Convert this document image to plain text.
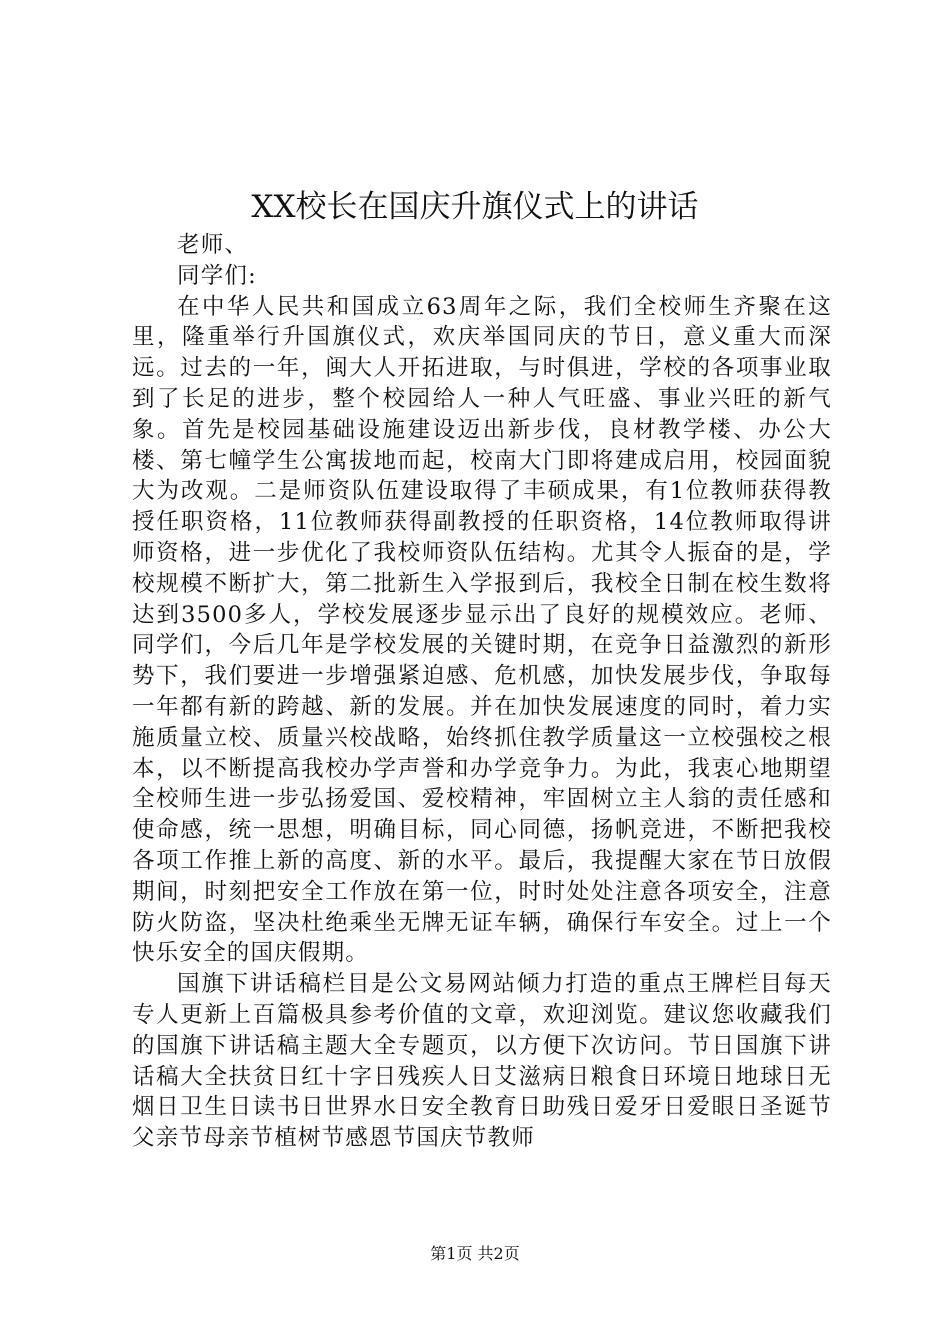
XX校长在国庆升旗仪式上的讲话

老师、

同学们:

在中华人民共和国成立63周年之际，我们全校师生齐聚在这里，隆重举行升国旗仪式，欢庆举国同庆的节日，意义重大而深远。过去的一年，闽大人开拓进取，与时俱进，学校的各项事业取到了长足的进步，整个校园给人一种人气旺盛、事业兴旺的新气象。首先是校园基础设施建设迈出新步伐，良材教学楼、办公大楼、第七幢学生公寓拔地而起，校南大门即将建成启用，校园面貌大为改观。二是师资队伍建设取得了丰硕成果，有1位教师获得教授任职资格，11位教师获得副教授的任职资格，14位教师取得讲师资格，进一步优化了我校师资队伍结构。尤其令人振奋的是，学校规模不断扩大，第二批新生入学报到后，我校全日制在校生数将达到3500多人，学校发展逐步显示出了良好的规模效应。老师、同学们，今后几年是学校发展的关键时期，在竞争日益激烈的新形势下，我们要进一步增强紧迫感、危机感，加快发展步伐，争取每一年都有新的跨越、新的发展。并在加快发展速度的同时，着力实施质量立校、质量兴校战略，始终抓住教学质量这一立校强校之根本，以不断提高我校办学声誉和办学竞争力。为此，我衷心地期望全校师生进一步弘扬爱国、爱校精神，牢固树立主人翁的责任感和使命感，统一思想，明确目标，同心同德，扬帆竞进，不断把我校各项工作推上新的高度、新的水平。最后，我提醒大家在节日放假期间，时刻把安全工作放在第一位，时时处处注意各项安全，注意防火防盗，坚决杜绝乘坐无牌无证车辆，确保行车安全。过上一个快乐安全的国庆假期。

国旗下讲话稿栏目是公文易网站倾力打造的重点王牌栏目每天专人更新上百篇极具参考价值的文章，欢迎浏览。建议您收藏我们的国旗下讲话稿主题大全专题页，以方便下次访问。节日国旗下讲话稿大全扶贫日红十字日残疾人日艾滋病日粮食日环境日地球日无烟日卫生日读书日世界水日安全教育日助残日爱牙日爱眼日圣诞节父亲节母亲节植树节感恩节国庆节教师

第1页 共2页
